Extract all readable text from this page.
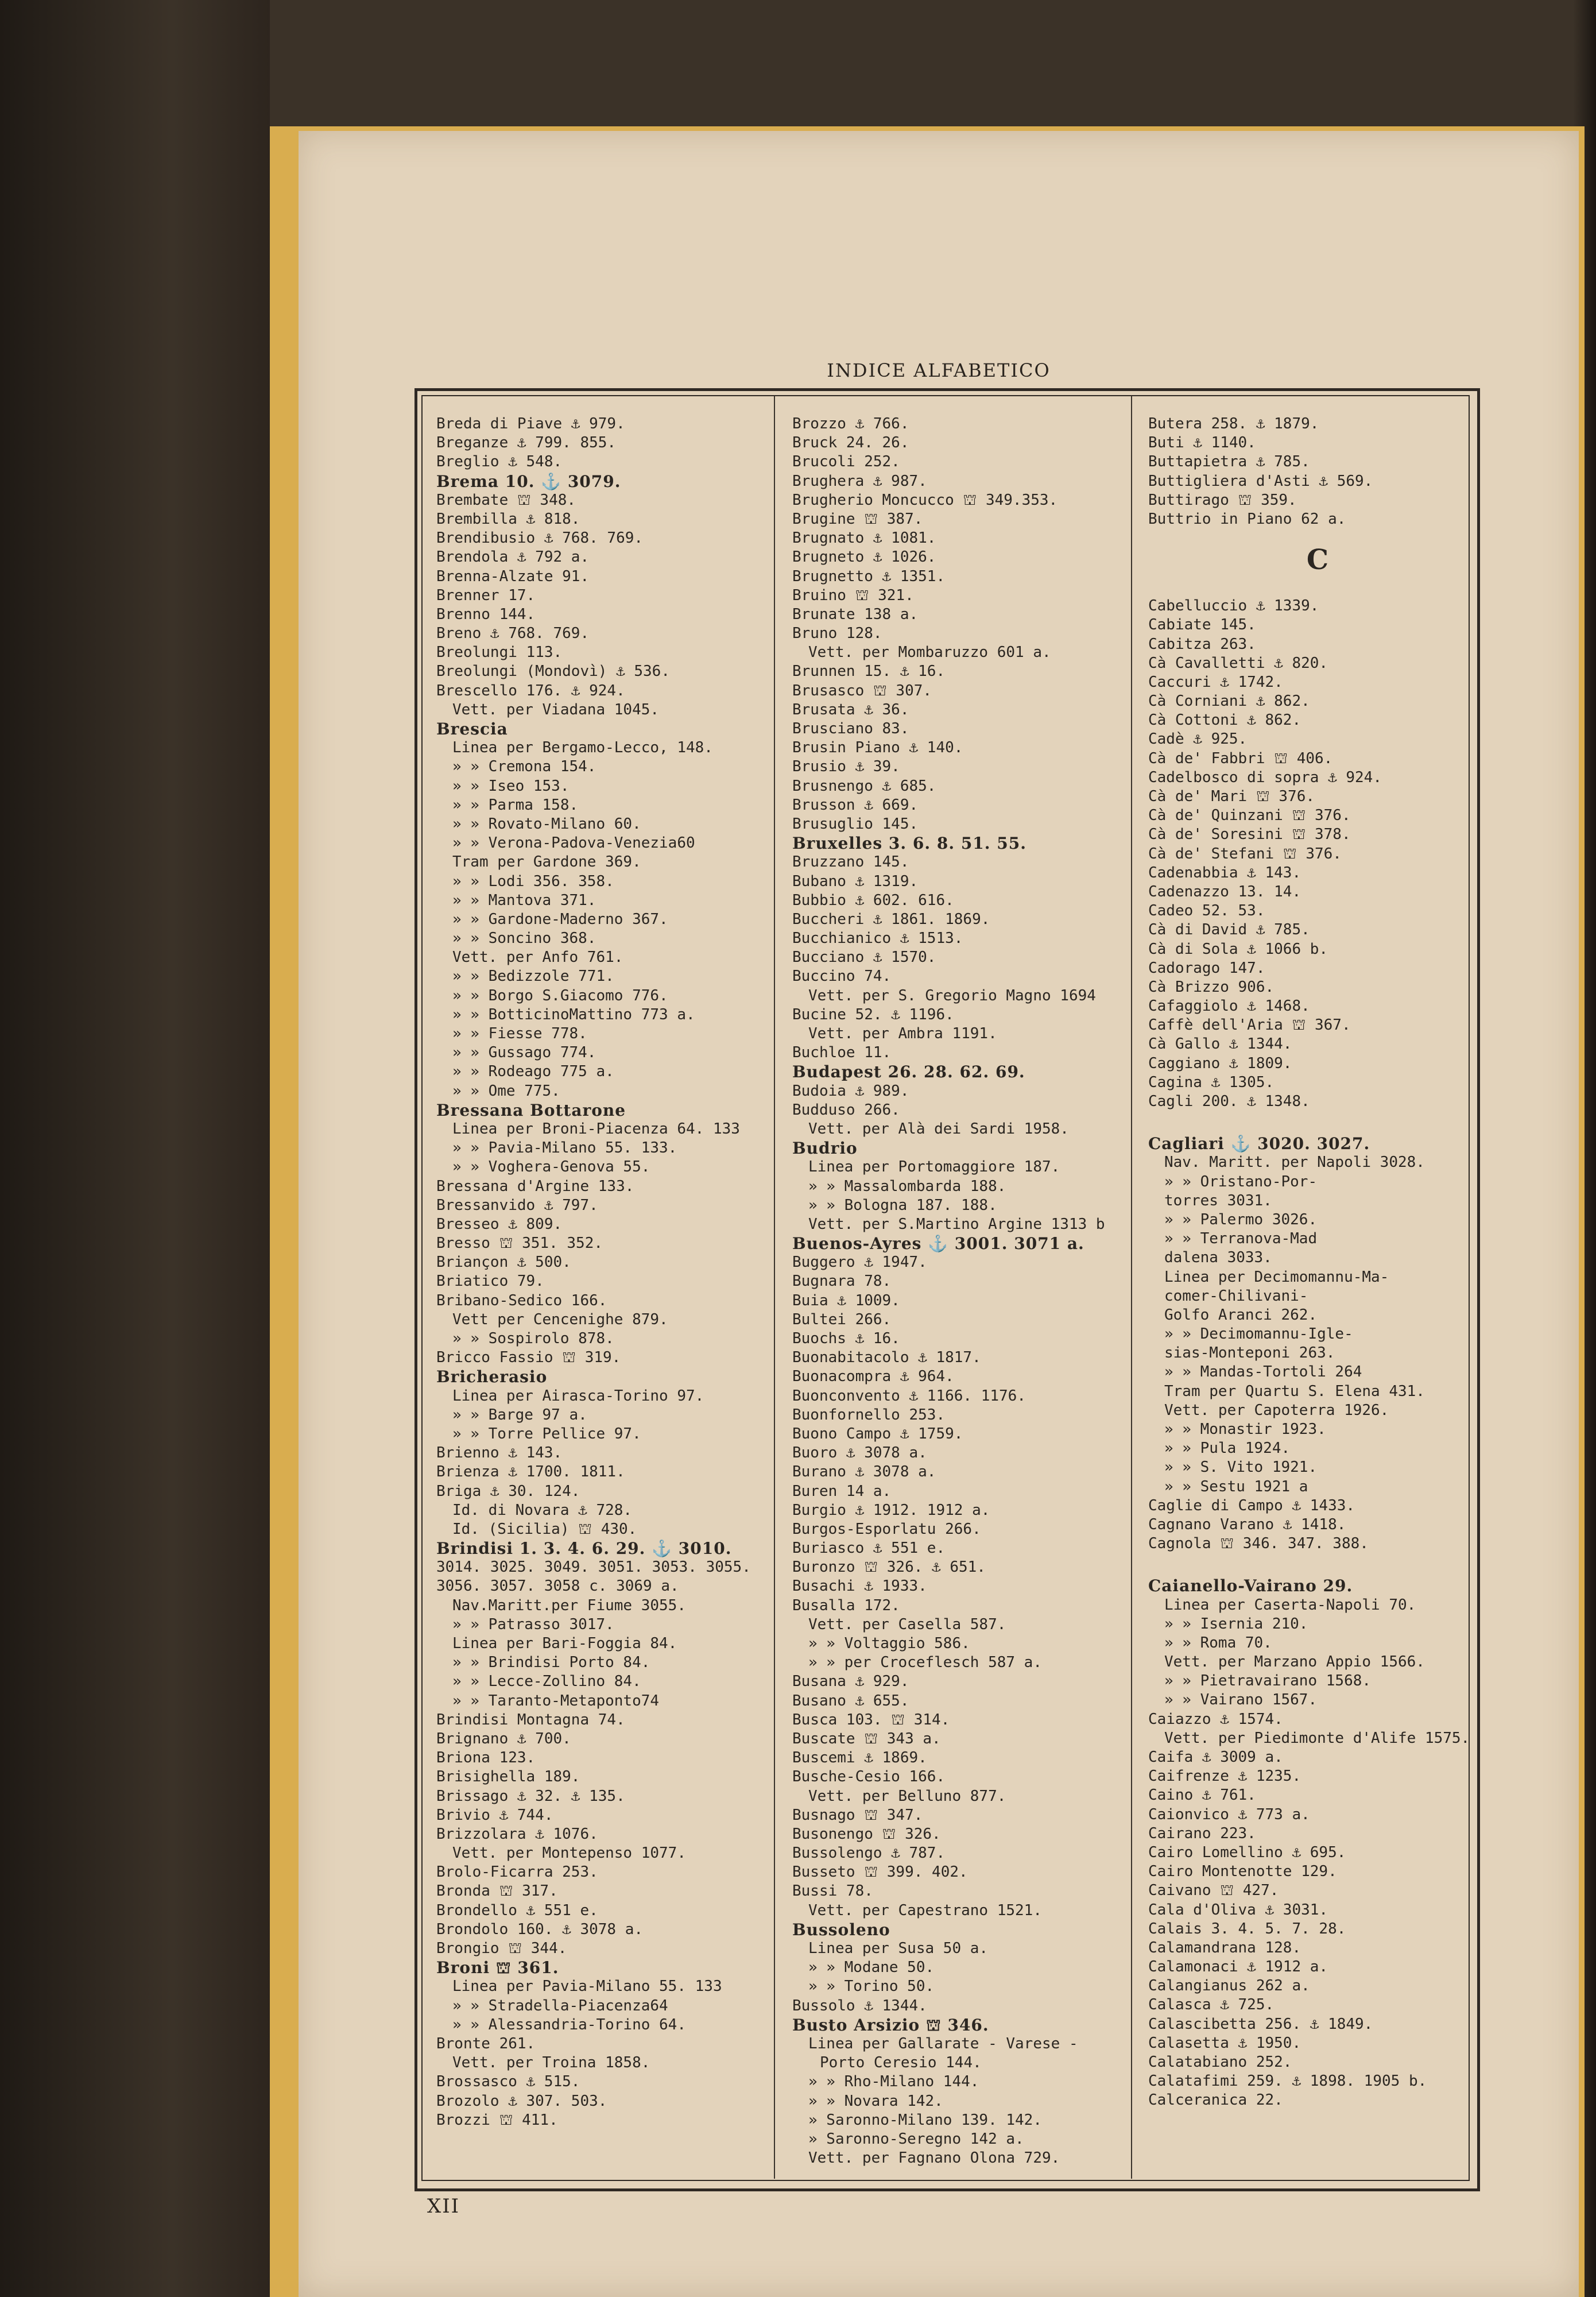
INDICE ALFABETICO
Breda di Piave ⚓ 979.
Breganze ⚓ 799. 855.
Breglio ⚓ 548.
Brema 10. ⚓ 3079.
Brembate ⛫ 348.
Brembilla ⚓ 818.
Brendibusio ⚓ 768. 769.
Brendola ⚓ 792 a.
Brenna-Alzate 91.
Brenner 17.
Brenno 144.
Breno ⚓ 768. 769.
Breolungi 113.
Breolungi (Mondovì) ⚓ 536.
Brescello 176. ⚓ 924.
Vett. per Viadana 1045.
Brescia
Linea per Bergamo-Lecco, 148.
» » Cremona 154.
» » Iseo 153.
» » Parma 158.
» » Rovato-Milano 60.
» » Verona-Padova-Venezia60
Tram per Gardone 369.
» » Lodi 356. 358.
» » Mantova 371.
» » Gardone-Maderno 367.
» » Soncino 368.
Vett. per Anfo 761.
» » Bedizzole 771.
» » Borgo S.Giacomo 776.
» » BotticinoMattino 773 a.
» » Fiesse 778.
» » Gussago 774.
» » Rodeago 775 a.
» » Ome 775.
Bressana Bottarone
Linea per Broni-Piacenza 64. 133
» » Pavia-Milano 55. 133.
» » Voghera-Genova 55.
Bressana d'Argine 133.
Bressanvido ⚓ 797.
Bresseo ⚓ 809.
Bresso ⛫ 351. 352.
Briançon ⚓ 500.
Briatico 79.
Bribano-Sedico 166.
Vett per Cencenighe 879.
» » Sospirolo 878.
Bricco Fassio ⛫ 319.
Bricherasio
Linea per Airasca-Torino 97.
» » Barge 97 a.
» » Torre Pellice 97.
Brienno ⚓ 143.
Brienza ⚓ 1700. 1811.
Briga ⚓ 30. 124.
Id. di Novara ⚓ 728.
Id. (Sicilia) ⛫ 430.
Brindisi 1. 3. 4. 6. 29. ⚓ 3010.
3014. 3025. 3049. 3051. 3053. 3055.
3056. 3057. 3058 c. 3069 a.
Nav.Maritt.per Fiume 3055.
» » Patrasso 3017.
Linea per Bari-Foggia 84.
» » Brindisi Porto 84.
» » Lecce-Zollino 84.
» » Taranto-Metaponto74
Brindisi Montagna 74.
Brignano ⚓ 700.
Briona 123.
Brisighella 189.
Brissago ⚓ 32. ⚓ 135.
Brivio ⚓ 744.
Brizzolara ⚓ 1076.
Vett. per Montepenso 1077.
Brolo-Ficarra 253.
Bronda ⛫ 317.
Brondello ⚓ 551 e.
Brondolo 160. ⚓ 3078 a.
Brongio ⛫ 344.
Broni ⛫ 361.
Linea per Pavia-Milano 55. 133
» » Stradella-Piacenza64
» » Alessandria-Torino 64.
Bronte 261.
Vett. per Troina 1858.
Brossasco ⚓ 515.
Brozolo ⚓ 307. 503.
Brozzi ⛫ 411.
Brozzo ⚓ 766.
Bruck 24. 26.
Brucoli 252.
Brughera ⚓ 987.
Brugherio Moncucco ⛫ 349.353.
Brugine ⛫ 387.
Brugnato ⚓ 1081.
Brugneto ⚓ 1026.
Brugnetto ⚓ 1351.
Bruino ⛫ 321.
Brunate 138 a.
Bruno 128.
Vett. per Mombaruzzo 601 a.
Brunnen 15. ⚓ 16.
Brusasco ⛫ 307.
Brusata ⚓ 36.
Brusciano 83.
Brusin Piano ⚓ 140.
Brusio ⚓ 39.
Brusnengo ⚓ 685.
Brusson ⚓ 669.
Brusuglio 145.
Bruxelles 3. 6. 8. 51. 55.
Bruzzano 145.
Bubano ⚓ 1319.
Bubbio ⚓ 602. 616.
Buccheri ⚓ 1861. 1869.
Bucchianico ⚓ 1513.
Bucciano ⚓ 1570.
Buccino 74.
Vett. per S. Gregorio Magno 1694
Bucine 52. ⚓ 1196.
Vett. per Ambra 1191.
Buchloe 11.
Budapest 26. 28. 62. 69.
Budoia ⚓ 989.
Budduso 266.
Vett. per Alà dei Sardi 1958.
Budrio
Linea per Portomaggiore 187.
» » Massalombarda 188.
» » Bologna 187. 188.
Vett. per S.Martino Argine 1313 b
Buenos-Ayres ⚓ 3001. 3071 a.
Buggero ⚓ 1947.
Bugnara 78.
Buia ⚓ 1009.
Bultei 266.
Buochs ⚓ 16.
Buonabitacolo ⚓ 1817.
Buonacompra ⚓ 964.
Buonconvento ⚓ 1166. 1176.
Buonfornello 253.
Buono Campo ⚓ 1759.
Buoro ⚓ 3078 a.
Burano ⚓ 3078 a.
Buren 14 a.
Burgio ⚓ 1912. 1912 a.
Burgos-Esporlatu 266.
Buriasco ⚓ 551 e.
Buronzo ⛫ 326. ⚓ 651.
Busachi ⚓ 1933.
Busalla 172.
Vett. per Casella 587.
» » Voltaggio 586.
» » per Croceflesch 587 a.
Busana ⚓ 929.
Busano ⚓ 655.
Busca 103. ⛫ 314.
Buscate ⛫ 343 a.
Buscemi ⚓ 1869.
Busche-Cesio 166.
Vett. per Belluno 877.
Busnago ⛫ 347.
Busonengo ⛫ 326.
Bussolengo ⚓ 787.
Busseto ⛫ 399. 402.
Bussi 78.
Vett. per Capestrano 1521.
Bussoleno
Linea per Susa 50 a.
» » Modane 50.
» » Torino 50.
Bussolo ⚓ 1344.
Busto Arsizio ⛫ 346.
Linea per Gallarate - Varese -
Porto Ceresio 144.
» » Rho-Milano 144.
» » Novara 142.
» Saronno-Milano 139. 142.
» Saronno-Seregno 142 a.
Vett. per Fagnano Olona 729.
Butera 258. ⚓ 1879.
Buti ⚓ 1140.
Buttapietra ⚓ 785.
Buttigliera d'Asti ⚓ 569.
Buttirago ⛫ 359.
Buttrio in Piano 62 a.
C
Cabelluccio ⚓ 1339.
Cabiate 145.
Cabitza 263.
Cà Cavalletti ⚓ 820.
Caccuri ⚓ 1742.
Cà Corniani ⚓ 862.
Cà Cottoni ⚓ 862.
Cadè ⚓ 925.
Cà de' Fabbri ⛫ 406.
Cadelbosco di sopra ⚓ 924.
Cà de' Mari ⛫ 376.
Cà de' Quinzani ⛫ 376.
Cà de' Soresini ⛫ 378.
Cà de' Stefani ⛫ 376.
Cadenabbia ⚓ 143.
Cadenazzo 13. 14.
Cadeo 52. 53.
Cà di David ⚓ 785.
Cà di Sola ⚓ 1066 b.
Cadorago 147.
Cà Brizzo 906.
Cafaggiolo ⚓ 1468.
Caffè dell'Aria ⛫ 367.
Cà Gallo ⚓ 1344.
Caggiano ⚓ 1809.
Cagina ⚓ 1305.
Cagli 200. ⚓ 1348.
Cagliari ⚓ 3020. 3027.
Nav. Maritt. per Napoli 3028.
» » Oristano-Por-
torres 3031.
» » Palermo 3026.
» » Terranova-Mad
dalena 3033.
Linea per Decimomannu-Ma-
comer-Chilivani-
Golfo Aranci 262.
» » Decimomannu-Igle-
sias-Monteponi 263.
» » Mandas-Tortoli 264
Tram per Quartu S. Elena 431.
Vett. per Capoterra 1926.
» » Monastir 1923.
» » Pula 1924.
» » S. Vito 1921.
» » Sestu 1921 a
Caglie di Campo ⚓ 1433.
Cagnano Varano ⚓ 1418.
Cagnola ⛫ 346. 347. 388.
Caianello-Vairano 29.
Linea per Caserta-Napoli 70.
» » Isernia 210.
» » Roma 70.
Vett. per Marzano Appio 1566.
» » Pietravairano 1568.
» » Vairano 1567.
Caiazzo ⚓ 1574.
Vett. per Piedimonte d'Alife 1575.
Caifa ⚓ 3009 a.
Caifrenze ⚓ 1235.
Caino ⚓ 761.
Caionvico ⚓ 773 a.
Cairano 223.
Cairo Lomellino ⚓ 695.
Cairo Montenotte 129.
Caivano ⛫ 427.
Cala d'Oliva ⚓ 3031.
Calais 3. 4. 5. 7. 28.
Calamandrana 128.
Calamonaci ⚓ 1912 a.
Calangianus 262 a.
Calasca ⚓ 725.
Calascibetta 256. ⚓ 1849.
Calasetta ⚓ 1950.
Calatabiano 252.
Calatafimi 259. ⚓ 1898. 1905 b.
Calceranica 22.
XII
